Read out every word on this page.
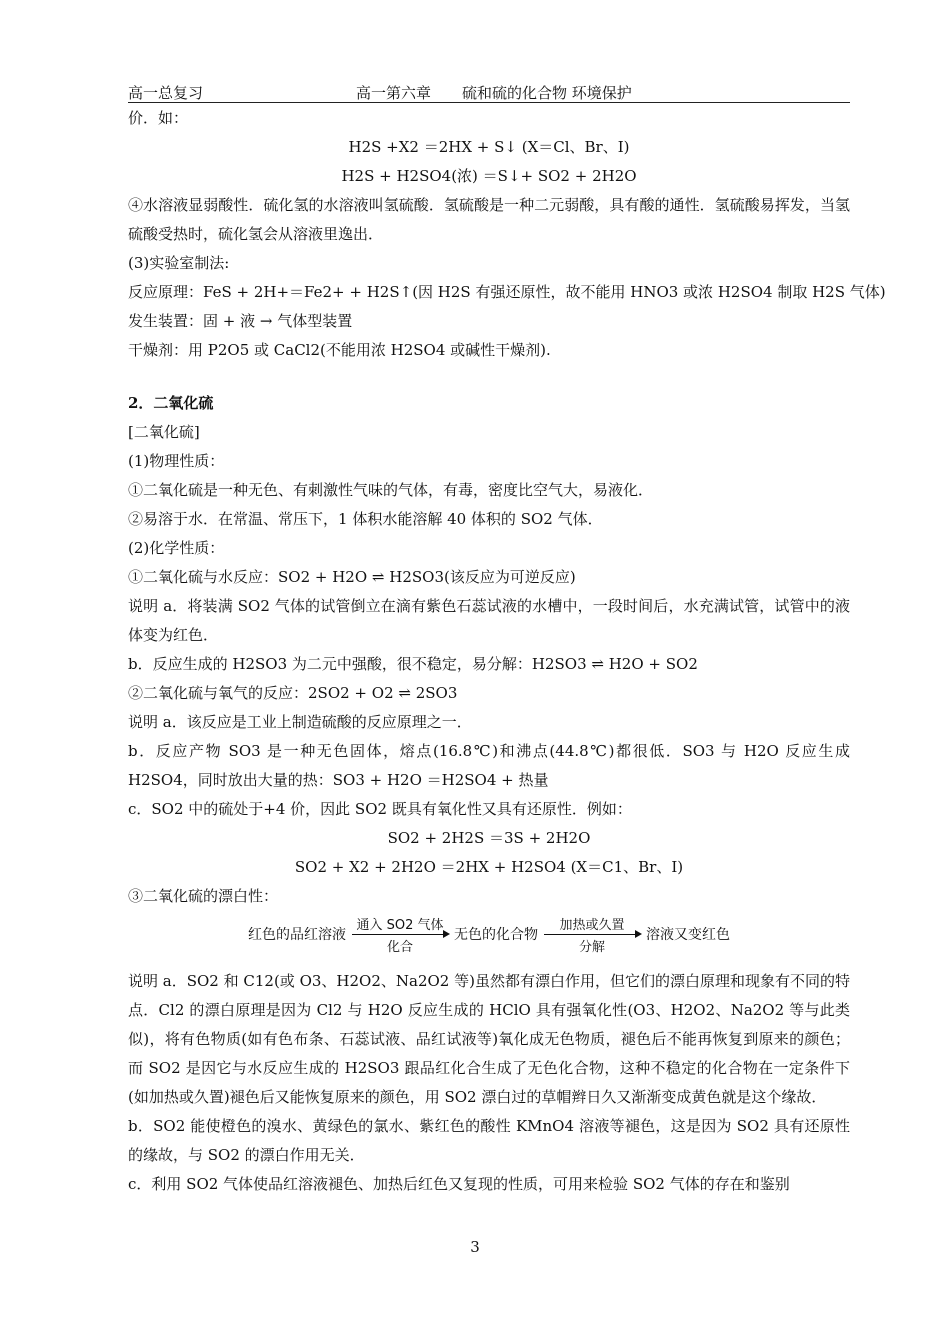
高一总复习	高一第六章 硫和硫的化合物 环境保护
价．如：
H2S +X2 ＝2HX + S↓ (X＝Cl、Br、I)
H2S + H2SO4(浓) ＝S↓+ SO2 + 2H2O
④水溶液显弱酸性．硫化氢的水溶液叫氢硫酸．氢硫酸是一种二元弱酸，具有酸的通性．氢硫酸易挥发，当氢硫酸受热时，硫化氢会从溶液里逸出．
(3)实验室制法:
反应原理：FeS + 2H+＝Fe2+ + H2S↑(因 H2S 有强还原性，故不能用 HNO3 或浓 H2SO4 制取 H2S 气体)
发生装置：固 + 液 → 气体型装置
干燥剂：用 P2O5 或 CaCl2(不能用浓 H2SO4 或碱性干燥剂).
2．二氧化硫
[二氧化硫]
(1)物理性质：
①二氧化硫是一种无色、有刺激性气味的气体，有毒，密度比空气大，易液化．
②易溶于水．在常温、常压下，1 体积水能溶解 40 体积的 SO2 气体．
(2)化学性质：
①二氧化硫与水反应：SO2 + H2O ⇌ H2SO3(该反应为可逆反应)
说明 a．将装满 SO2 气体的试管倒立在滴有紫色石蕊试液的水槽中，一段时间后，水充满试管，试管中的液体变为红色．
b．反应生成的 H2SO3 为二元中强酸，很不稳定，易分解：H2SO3 ⇌ H2O + SO2
②二氧化硫与氧气的反应：2SO2 + O2 ⇌ 2SO3
说明 a．该反应是工业上制造硫酸的反应原理之一．
b．反应产物 SO3 是一种无色固体，熔点(16.8℃)和沸点(44.8℃)都很低．SO3 与 H2O 反应生成 H2SO4，同时放出大量的热：SO3 + H2O ＝H2SO4 + 热量
c．SO2 中的硫处于+4 价，因此 SO2 既具有氧化性又具有还原性．例如：
SO2 + 2H2S ＝3S + 2H2O
SO2 + X2 + 2H2O ＝2HX + H2SO4 (X＝C1、Br、I)
③二氧化硫的漂白性：
红色的品红溶液
通入 SO2 气体
化合
无色的化合物
加热或久置
分解
溶液又变红色
说明 a．SO2 和 C12(或 O3、H2O2、Na2O2 等)虽然都有漂白作用，但它们的漂白原理和现象有不同的特点．Cl2 的漂白原理是因为 Cl2 与 H2O 反应生成的 HClO 具有强氧化性(O3、H2O2、Na2O2 等与此类似)，将有色物质(如有色布条、石蕊试液、品红试液等)氧化成无色物质，褪色后不能再恢复到原来的颜色；而 SO2 是因它与水反应生成的 H2SO3 跟品红化合生成了无色化合物，这种不稳定的化合物在一定条件下(如加热或久置)褪色后又能恢复原来的颜色，用 SO2 漂白过的草帽辫日久又渐渐变成黄色就是这个缘故．
b．SO2 能使橙色的溴水、黄绿色的氯水、紫红色的酸性 KMnO4 溶液等褪色，这是因为 SO2 具有还原性的缘故，与 SO2 的漂白作用无关．
c．利用 SO2 气体使品红溶液褪色、加热后红色又复现的性质，可用来检验 SO2 气体的存在和鉴别
3
